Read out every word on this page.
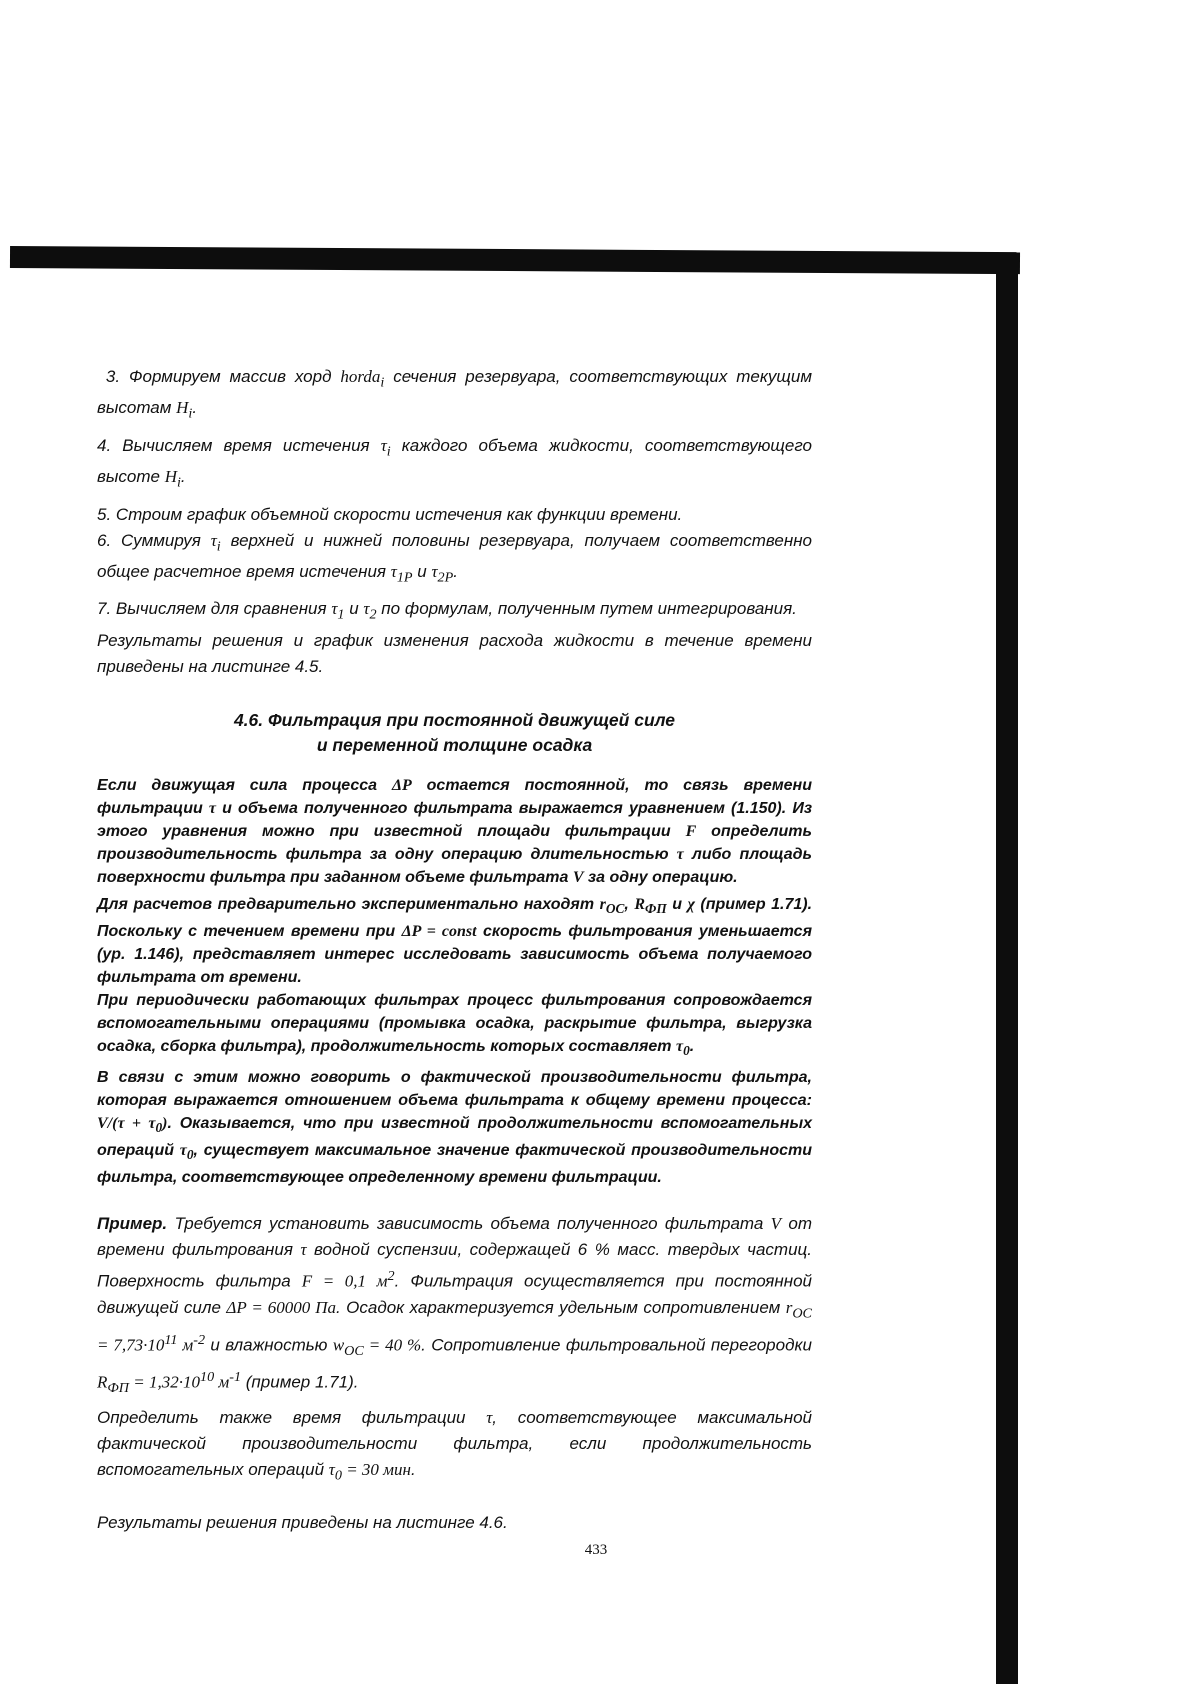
3. Формируем массив хорд horda$_i$ сечения резервуара, соответствующих текущим высотам $H_i$.

4. Вычисляем время истечения $\tau_i$ каждого объема жидкости, соответствующего высоте $H_i$.

5. Строим график объемной скорости истечения как функции времени.

6. Суммируя $\tau_i$ верхней и нижней половины резервуара, получаем соответственно общее расчетное время истечения $\tau_{1P}$ и $\tau_{2P}$.

7. Вычисляем для сравнения $\tau_1$ и $\tau_2$ по формулам, полученным путем интегрирования.

Результаты решения и график изменения расхода жидкости в течение времени приведены на листинге 4.5.

4.6. Фильтрация при постоянной движущей силе
и переменной толщине осадка

Если движущая сила процесса ΔP остается постоянной, то связь времени фильтрации τ и объема полученного фильтрата выражается уравнением (1.150). Из этого уравнения можно при известной площади фильтрации F определить производительность фильтра за одну операцию длительностью τ либо площадь поверхности фильтра при заданном объеме фильтрата V за одну операцию.

Для расчетов предварительно экспериментально находят $r_{OC}$, $R_{ФП}$ и χ (пример 1.71). Поскольку с течением времени при ΔP = const скорость фильтрования уменьшается (ур. 1.146), представляет интерес исследовать зависимость объема получаемого фильтрата от времени.

При периодически работающих фильтрах процесс фильтрования сопровождается вспомогательными операциями (промывка осадка, раскрытие фильтра, выгрузка осадка, сборка фильтра), продолжительность которых составляет $\tau_0$.

В связи с этим можно говорить о фактической производительности фильтра, которая выражается отношением объема фильтрата к общему времени процесса: $V/(\tau + \tau_0)$. Оказывается, что при известной продолжительности вспомогательных операций $\tau_0$, существует максимальное значение фактической производительности фильтра, соответствующее определенному времени фильтрации.

Пример. Требуется установить зависимость объема полученного фильтрата V от времени фильтрования τ водной суспензии, содержащей 6 % масс. твердых частиц. Поверхность фильтра F = 0,1 $м^2$. Фильтрация осуществляется при постоянной движущей силе ΔP = 60000 Па. Осадок характеризуется удельным сопротивлением $r_{OC} = 7,73\cdot 10^{11}$ $м^{-2}$ и влажностью $w_{OC} = 40$ %. Сопротивление фильтровальной перегородки $R_{ФП} = 1,32\cdot 10^{10}$ $м^{-1}$ (пример 1.71).

Определить также время фильтрации τ, соответствующее максимальной фактической производительности фильтра, если продолжительность вспомогательных операций $\tau_0 = 30$ мин.

Результаты решения приведены на листинге 4.6.

433
